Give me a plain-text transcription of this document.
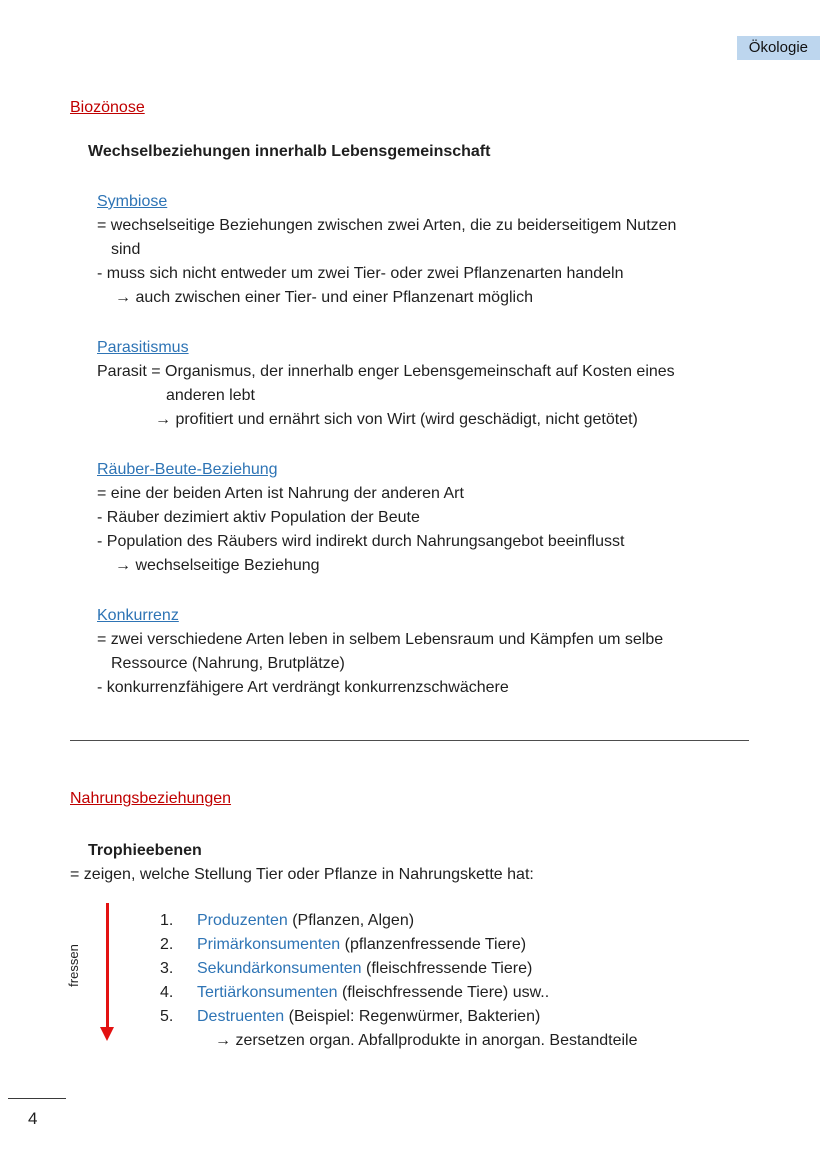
Ökologie
Biozönose
Wechselbeziehungen innerhalb Lebensgemeinschaft
Symbiose
= wechselseitige Beziehungen zwischen zwei Arten, die zu beiderseitigem Nutzen
sind
- muss sich nicht entweder um zwei Tier- oder zwei Pflanzenarten handeln
→ auch zwischen einer Tier- und einer Pflanzenart möglich
Parasitismus
Parasit = Organismus, der innerhalb enger Lebensgemeinschaft auf Kosten eines
anderen lebt
→ profitiert und ernährt sich von Wirt (wird geschädigt, nicht getötet)
Räuber-Beute-Beziehung
= eine der beiden Arten ist Nahrung der anderen Art
- Räuber dezimiert aktiv Population der Beute
- Population des Räubers wird indirekt durch Nahrungsangebot beeinflusst
→ wechselseitige Beziehung
Konkurrenz
= zwei verschiedene Arten leben in selbem Lebensraum und Kämpfen um selbe
Ressource (Nahrung, Brutplätze)
- konkurrenzfähigere Art verdrängt konkurrenzschwächere
Nahrungsbeziehungen
Trophieebenen
= zeigen, welche Stellung Tier oder Pflanze in Nahrungskette hat:
1.	Produzenten (Pflanzen, Algen)
2.	Primärkonsumenten (pflanzenfressende Tiere)
3.	Sekundärkonsumenten (fleischfressende Tiere)
4.	Tertiärkonsumenten (fleischfressende Tiere) usw..
5.	Destruenten (Beispiel: Regenwürmer, Bakterien)
→ zersetzen organ. Abfallprodukte in anorgan. Bestandteile
fressen
4
